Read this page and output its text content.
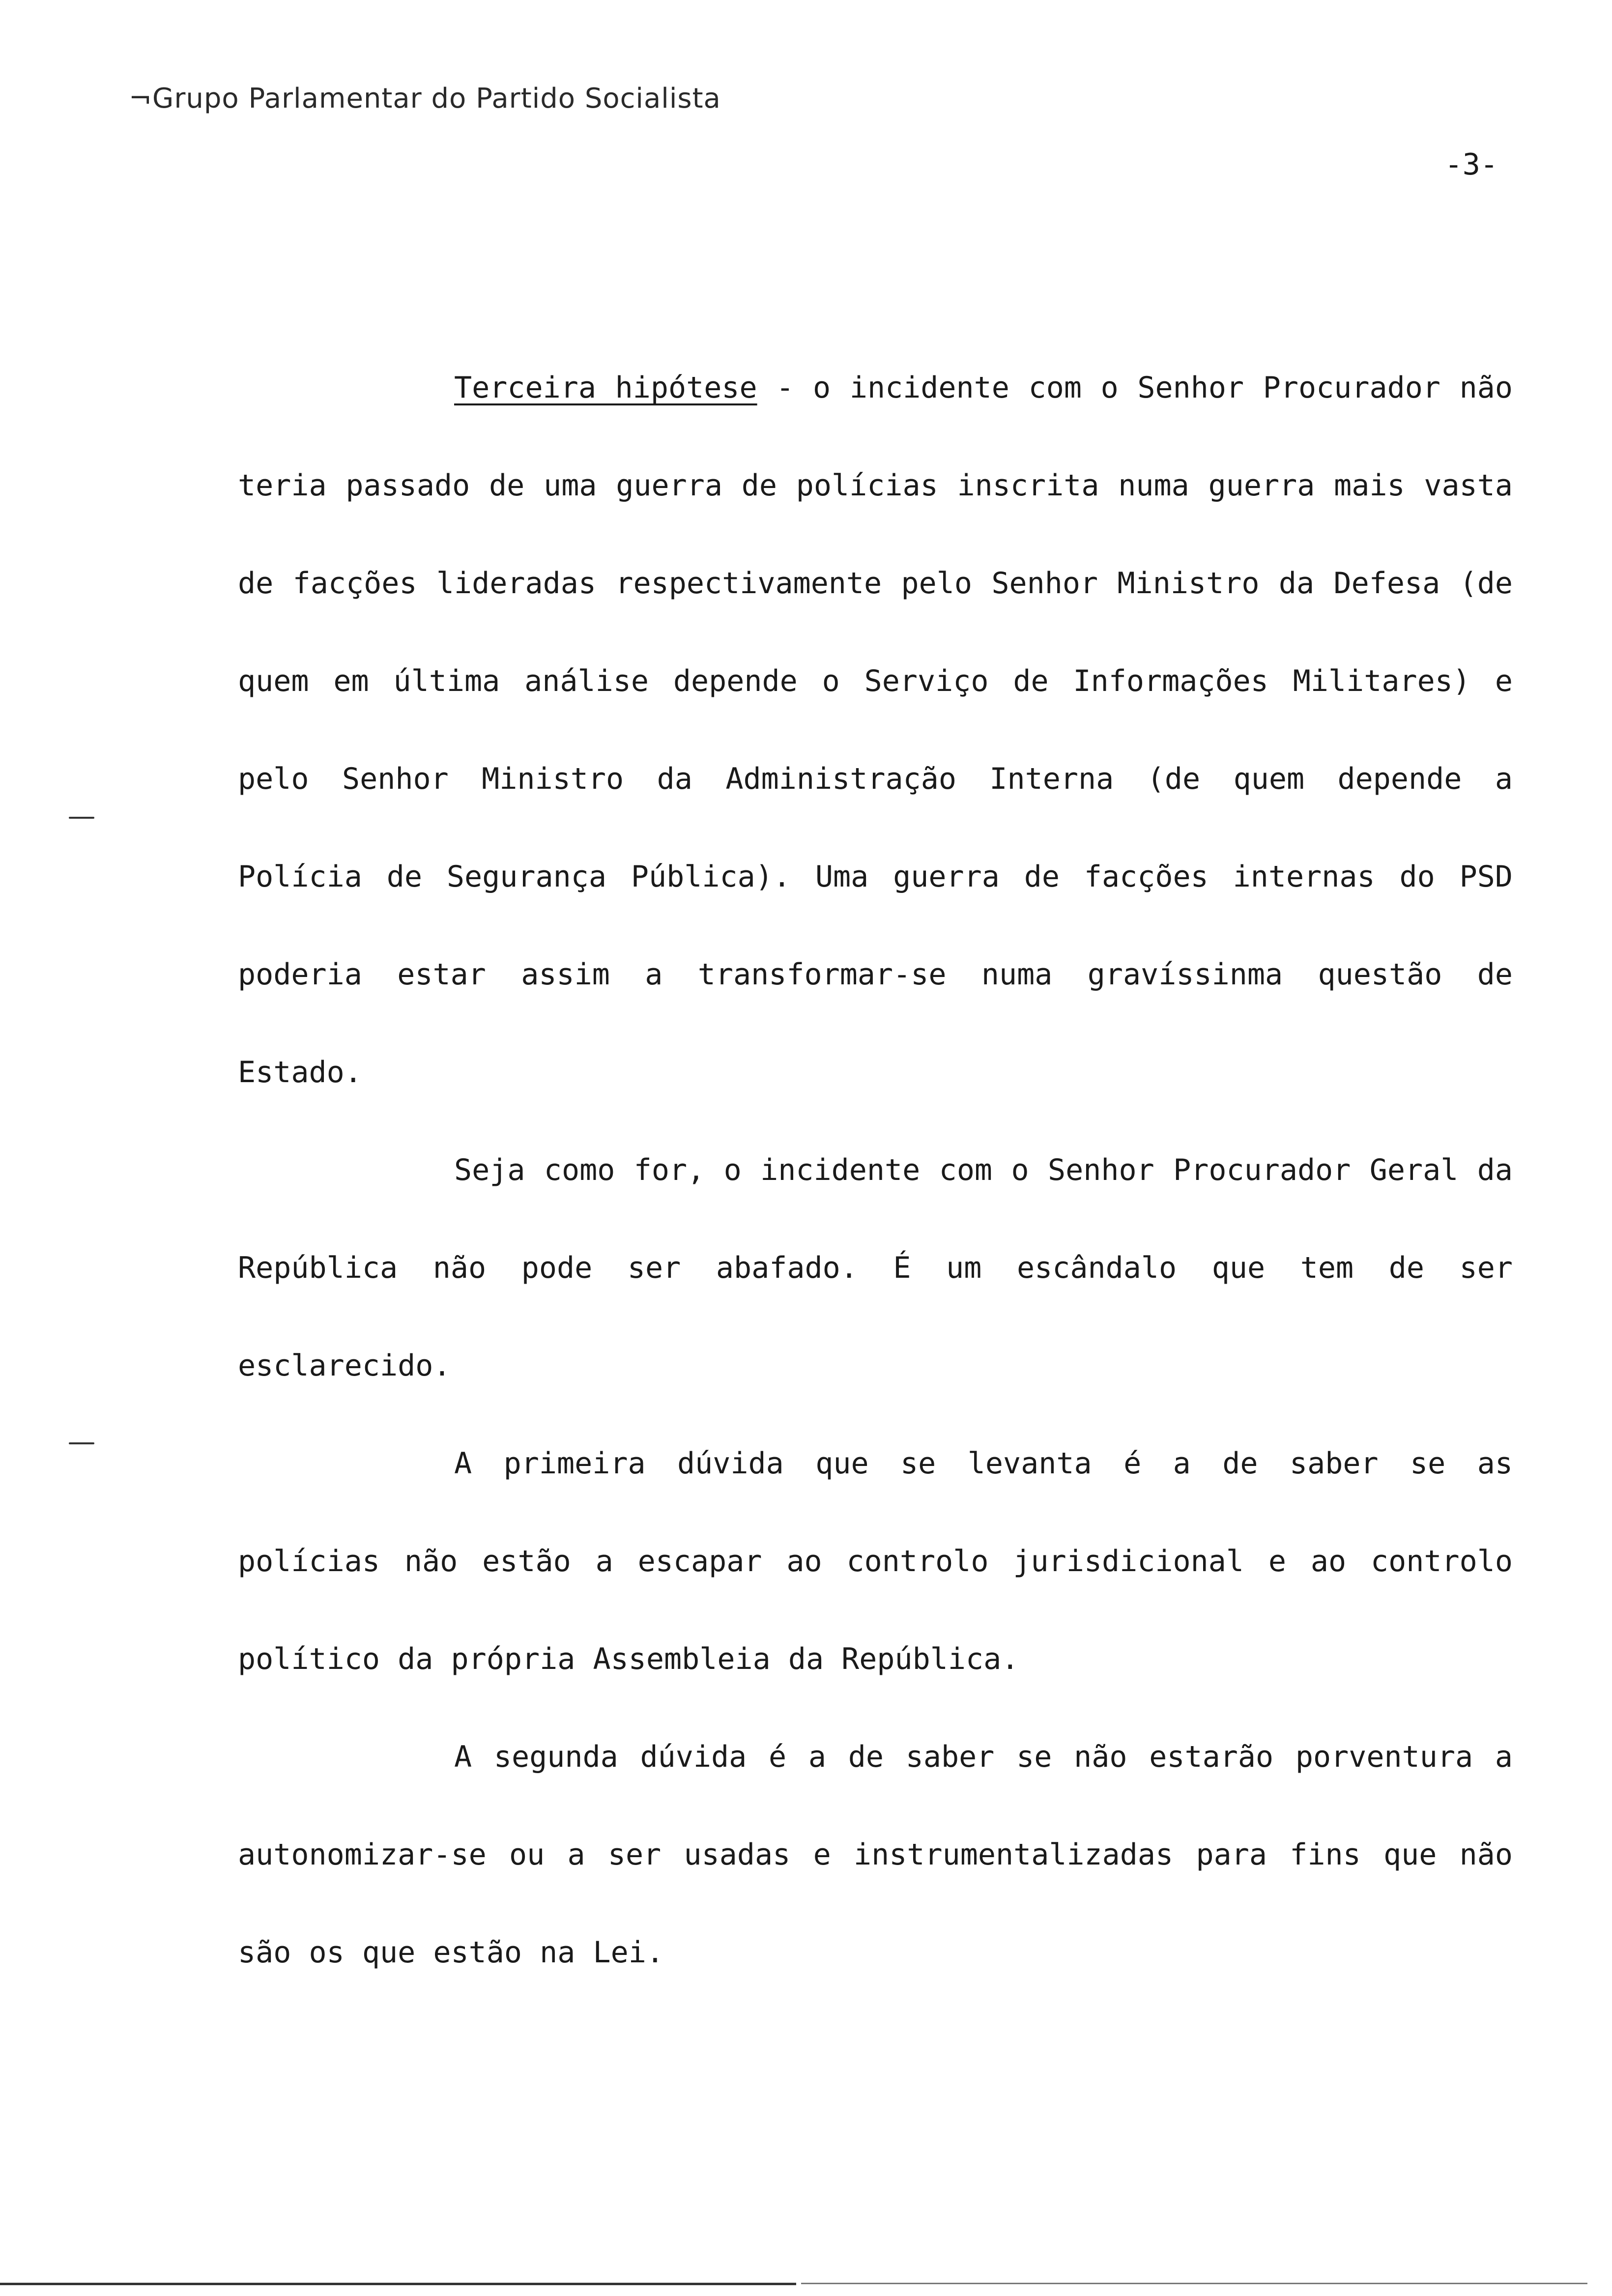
¬Grupo Parlamentar do Partido Socialista
-3-

Terceira hipótese - o incidente com o Senhor Procurador não teria passado de uma guerra de polícias inscrita numa guerra mais vasta de facções lideradas respectivamente pelo Senhor Ministro da Defesa (de quem em última análise depende o Serviço de Informações Militares) e pelo Senhor Ministro da Administração Interna (de quem depende a Polícia de Segurança Pública). Uma guerra de facções internas do PSD poderia estar assim a transformar-se numa gravíssinma questão de Estado.

Seja como for, o incidente com o Senhor Procurador Geral da República não pode ser abafado. É um escândalo que tem de ser esclarecido.

A primeira dúvida que se levanta é a de saber se as polícias não estão a escapar ao controlo jurisdicional e ao controlo político da própria Assembleia da República.

A segunda dúvida é a de saber se não estarão porventura a autonomizar-se ou a ser usadas e instrumentalizadas para fins que não são os que estão na Lei.
